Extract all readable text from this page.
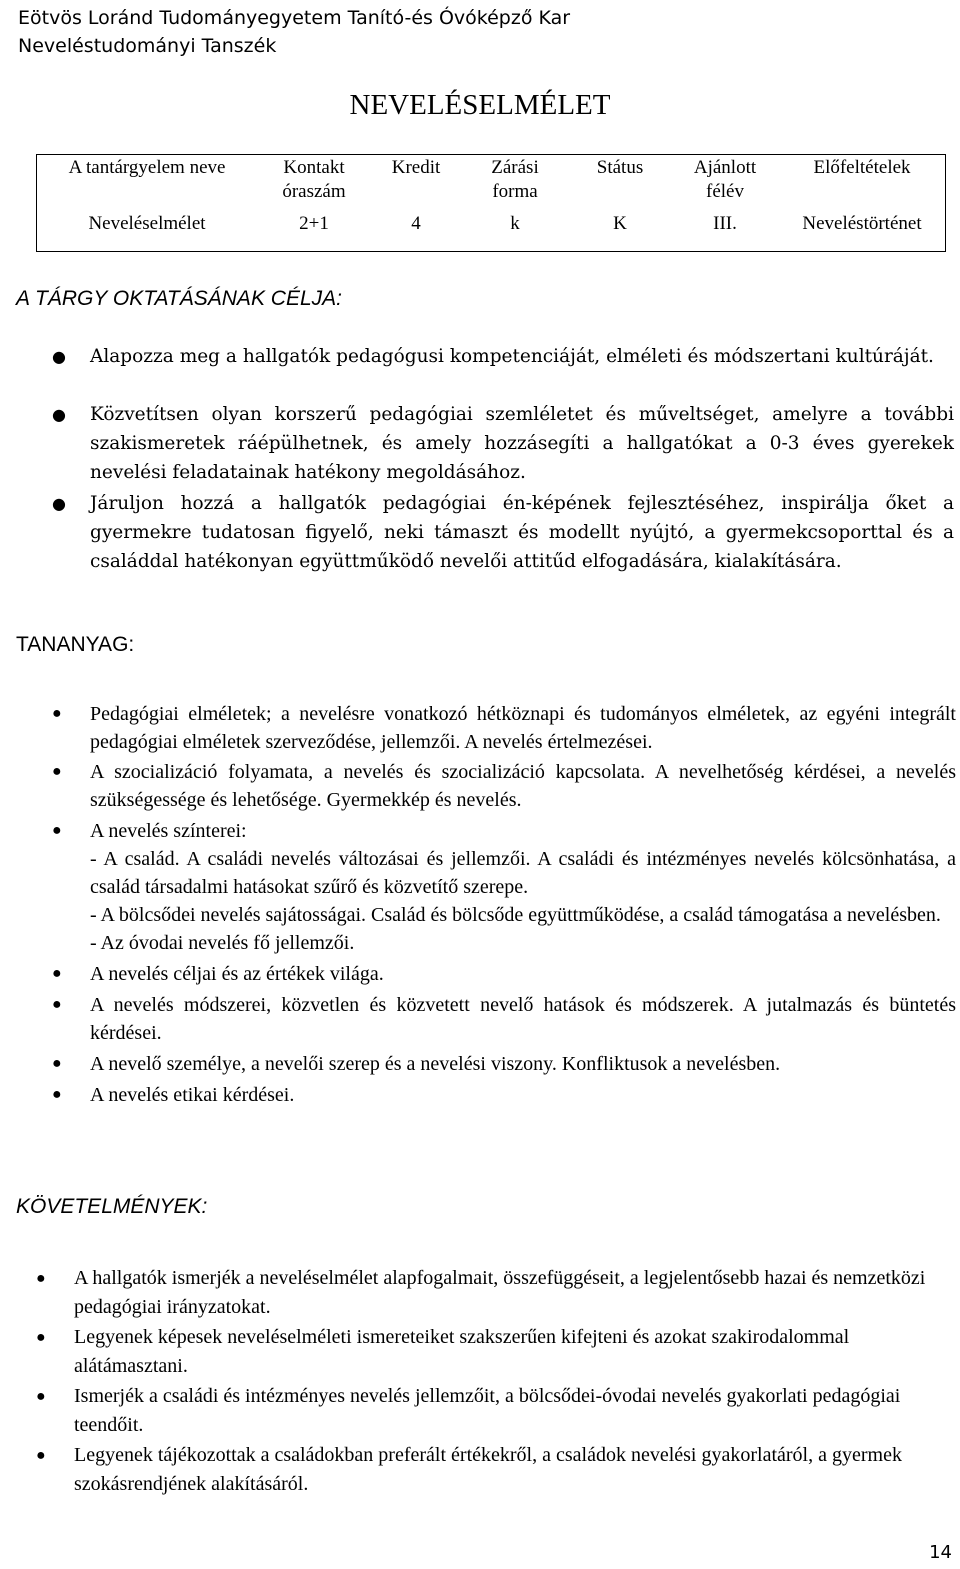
Eötvös Loránd Tudományegyetem Tanító-és Óvóképző Kar
Neveléstudományi Tanszék
NEVELÉSELMÉLET
A tantárgyelem neve	Kontakt óraszám	Kredit	Zárási forma	Státus	Ajánlott félév	Előfeltételek
Neveléselmélet	2+1	4	k	K	III.	Neveléstörténet
A TÁRGY OKTATÁSÁNAK CÉLJA:
● Alapozza meg a hallgatók pedagógusi kompetenciáját, elméleti és módszertani kultúráját.
● Közvetítsen olyan korszerű pedagógiai szemléletet és műveltséget, amelyre a további szakismeretek ráépülhetnek, és amely hozzásegíti a hallgatókat a 0-3 éves gyerekek nevelési feladatainak hatékony megoldásához.
● Járuljon hozzá a hallgatók pedagógiai én-képének fejlesztéséhez, inspirálja őket a gyermekre tudatosan figyelő, neki támaszt és modellt nyújtó, a gyermekcsoporttal és a családdal hatékonyan együttműködő nevelői attitűd elfogadására, kialakítására.
TANANYAG:
● Pedagógiai elméletek; a nevelésre vonatkozó hétköznapi és tudományos elméletek, az egyéni integrált pedagógiai elméletek szerveződése, jellemzői. A nevelés értelmezései.
● A szocializáció folyamata, a nevelés és szocializáció kapcsolata. A nevelhetőség kérdései, a nevelés szükségessége és lehetősége. Gyermekkép és nevelés.
● A nevelés színterei:
- A család. A családi nevelés változásai és jellemzői. A családi és intézményes nevelés kölcsönhatása, a család társadalmi hatásokat szűrő és közvetítő szerepe.
- A bölcsődei nevelés sajátosságai. Család és bölcsőde együttműködése, a család támogatása a nevelésben.
- Az óvodai nevelés fő jellemzői.
● A nevelés céljai és az értékek világa.
● A nevelés módszerei, közvetlen és közvetett nevelő hatások és módszerek. A jutalmazás és büntetés kérdései.
● A nevelő személye, a nevelői szerep és a nevelési viszony. Konfliktusok a nevelésben.
● A nevelés etikai kérdései.
KÖVETELMÉNYEK:
● A hallgatók ismerjék a neveléselmélet alapfogalmait, összefüggéseit, a legjelentősebb hazai és nemzetközi pedagógiai irányzatokat.
● Legyenek képesek neveléselméleti ismereteiket szakszerűen kifejteni és azokat szakirodalommal alátámasztani.
● Ismerjék a családi és intézményes nevelés jellemzőit, a bölcsődei-óvodai nevelés gyakorlati pedagógiai teendőit.
● Legyenek tájékozottak a családokban preferált értékekről, a családok nevelési gyakorlatáról, a gyermek szokásrendjének alakításáról.
14
